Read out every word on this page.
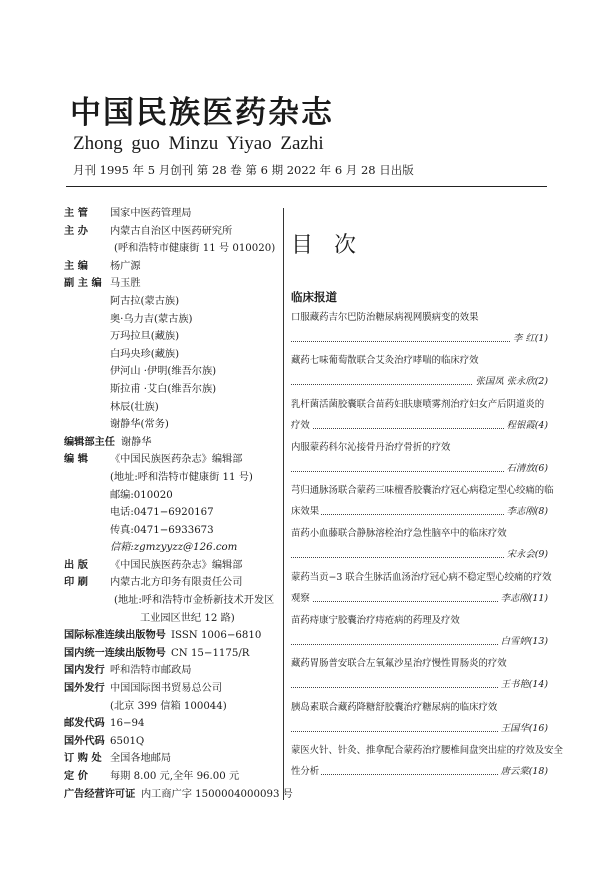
中国民族医药杂志
Zhong guo Minzu Yiyao Zazhi
月刊 1995 年 5 月创刊 第 28 卷 第 6 期 2022 年 6 月 28 日出版
主 管 国家中医药管理局
主 办 内蒙古自治区中医药研究所
(呼和浩特市健康街 11 号 010020)
主 编 杨广源
副 主 编 马玉胜
阿古拉(蒙古族)
奥·乌力吉(蒙古族)
万玛拉旦(藏族)
白玛央珍(藏族)
伊河山 ·伊明(维吾尔族)
斯拉甫 ·艾白(维吾尔族)
林辰(壮族)
谢静华(常务)
编辑部主任 谢静华
编 辑 《中国民族医药杂志》编辑部
(地址:呼和浩特市健康街 11 号)
邮编:010020
电话:0471−6920167
传真:0471−6933673
信箱:zgmzyyzz@126.com
出 版 《中国民族医药杂志》编辑部
印 刷 内蒙古北方印务有限责任公司
(地址:呼和浩特市金桥新技术开发区
工业园区世纪 12 路)
国际标准连续出版物号 ISSN 1006−6810
国内统一连续出版物号 CN 15−1175/R
国内发行 呼和浩特市邮政局
国外发行 中国国际图书贸易总公司
(北京 399 信箱 100044)
邮发代码 16−94
国外代码 6501Q
订 购 处 全国各地邮局
定 价 每期 8.00 元,全年 96.00 元
广告经营许可证 内工商广字 1500004000093 号
目 次
临床报道
口服藏药吉尔巴防治糖尿病视网膜病变的效果
李 红(1)
藏药七味葡萄散联合艾灸治疗哮喘的临床疗效
张国凤 张永欣(2)
乳杆菌活菌胶囊联合苗药妇肤康喷雾剂治疗妇女产后阴道炎的
疗效	程银霞(4)
内服蒙药科尔沁接骨丹治疗骨折的疗效
石清放(6)
芎归通脉汤联合蒙药三味檀香胶囊治疗冠心病稳定型心绞痛的临
床效果	李志刚(8)
苗药小血藤联合静脉溶栓治疗急性脑卒中的临床疗效
宋永会(9)
蒙药当贡−3 联合生脉活血汤治疗冠心病不稳定型心绞痛的疗效
观察	李志刚(11)
苗药痔康宁胶囊治疗痔疮病的药理及疗效
白雪婷(13)
藏药胃肠普安联合左氧氟沙星治疗慢性胃肠炎的疗效
王书艳(14)
胰岛素联合藏药降糖舒胶囊治疗糖尿病的临床疗效
王国华(16)
蒙医火针、针灸、推拿配合蒙药治疗腰椎间盘突出症的疗效及安全
性分析	唐云棠(18)
